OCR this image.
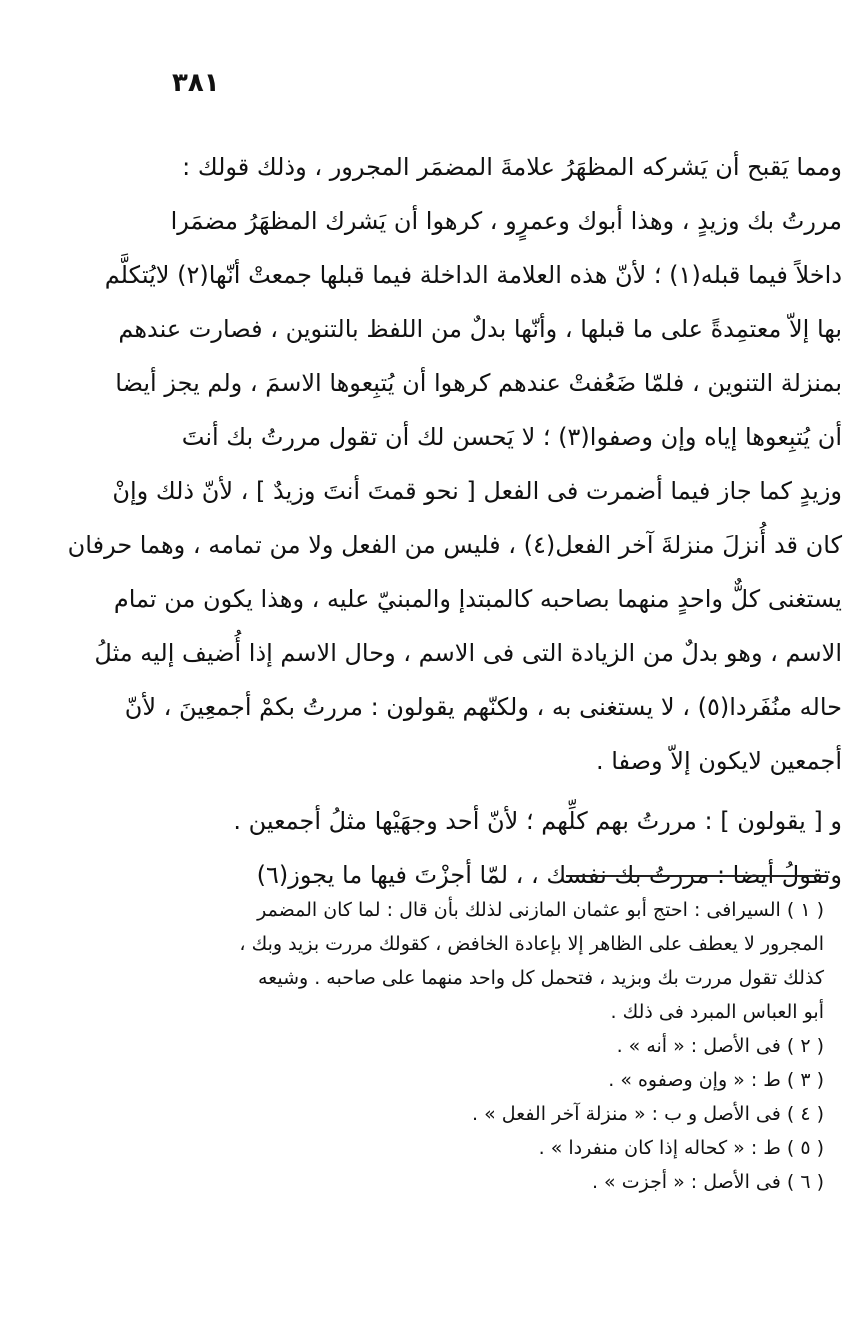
٣٨١
ومما يَقبح أن يَشركه المظهَرُ علامةَ المضمَر المجرور ، وذلك قولك :
مررتُ بك وزيدٍ ، وهذا أبوك وعمرٍو ، كرهوا أن يَشرك المظهَرُ مضمَرا
داخلاً فيما قبله(١) ؛ لأنّ هذه العلامة الداخلة فيما قبلها جمعتْ أنّها(٢) لايُتكلَّم
بها إلاّ معتمِدةً على ما قبلها ، وأنّها بدلٌ من اللفظ بالتنوين ، فصارت عندهم
بمنزلة التنوين ، فلمّا ضَعُفتْ عندهم كرهوا أن يُتبِعوها الاسمَ ، ولم يجز أيضا
أن يُتبِعوها إياه وإن وصفوا(٣) ؛ لا يَحسن لك أن تقول مررتُ بك أنتَ
وزيدٍ كما جاز فيما أضمرت فى الفعل [ نحو قمتَ أنتَ وزيدٌ ] ، لأنّ ذلك وإنْ
كان قد أُنزلَ منزلةَ آخر الفعل(٤) ، فليس من الفعل ولا من تمامه ، وهما حرفان
يستغنى كلٌّ واحدٍ منهما بصاحبه كالمبتدإ والمبنيّ عليه ، وهذا يكون من تمام
الاسم ، وهو بدلٌ من الزيادة التى فى الاسم ، وحال الاسم إذا أُضيف إليه مثلُ
حاله منُفَردا(٥) ، لا يستغنى به ، ولكنّهم يقولون : مررتُ بكمْ أجمعِينَ ، لأنّ
أجمعين لايكون إلاّ وصفا .
و [ يقولون ] : مررتُ بهم كلِّهم ؛ لأنّ أحد وجهَيْها مثلُ أجمعين .
وتقولُ أيضا : مررتُ بك نفسك ، ، لمّا أجزْتَ فيها ما يجوز(٦)
( ١ ) السيرافى : احتج أبو عثمان المازنى لذلك بأن قال : لما كان المضمر
المجرور لا يعطف على الظاهر إلا بإعادة الخافض ، كقولك مررت بزيد وبك ،
كذلك تقول مررت بك وبزيد ، فتحمل كل واحد منهما على صاحبه . وشيعه
أبو العباس المبرد فى ذلك .
( ٢ ) فى الأصل : « أنه » .
( ٣ ) ط : « وإن وصفوه » .
( ٤ ) فى الأصل و ب : « منزلة آخر الفعل » .
( ٥ ) ط : « كحاله إذا كان منفردا » .
( ٦ ) فى الأصل : « أجزت » .
